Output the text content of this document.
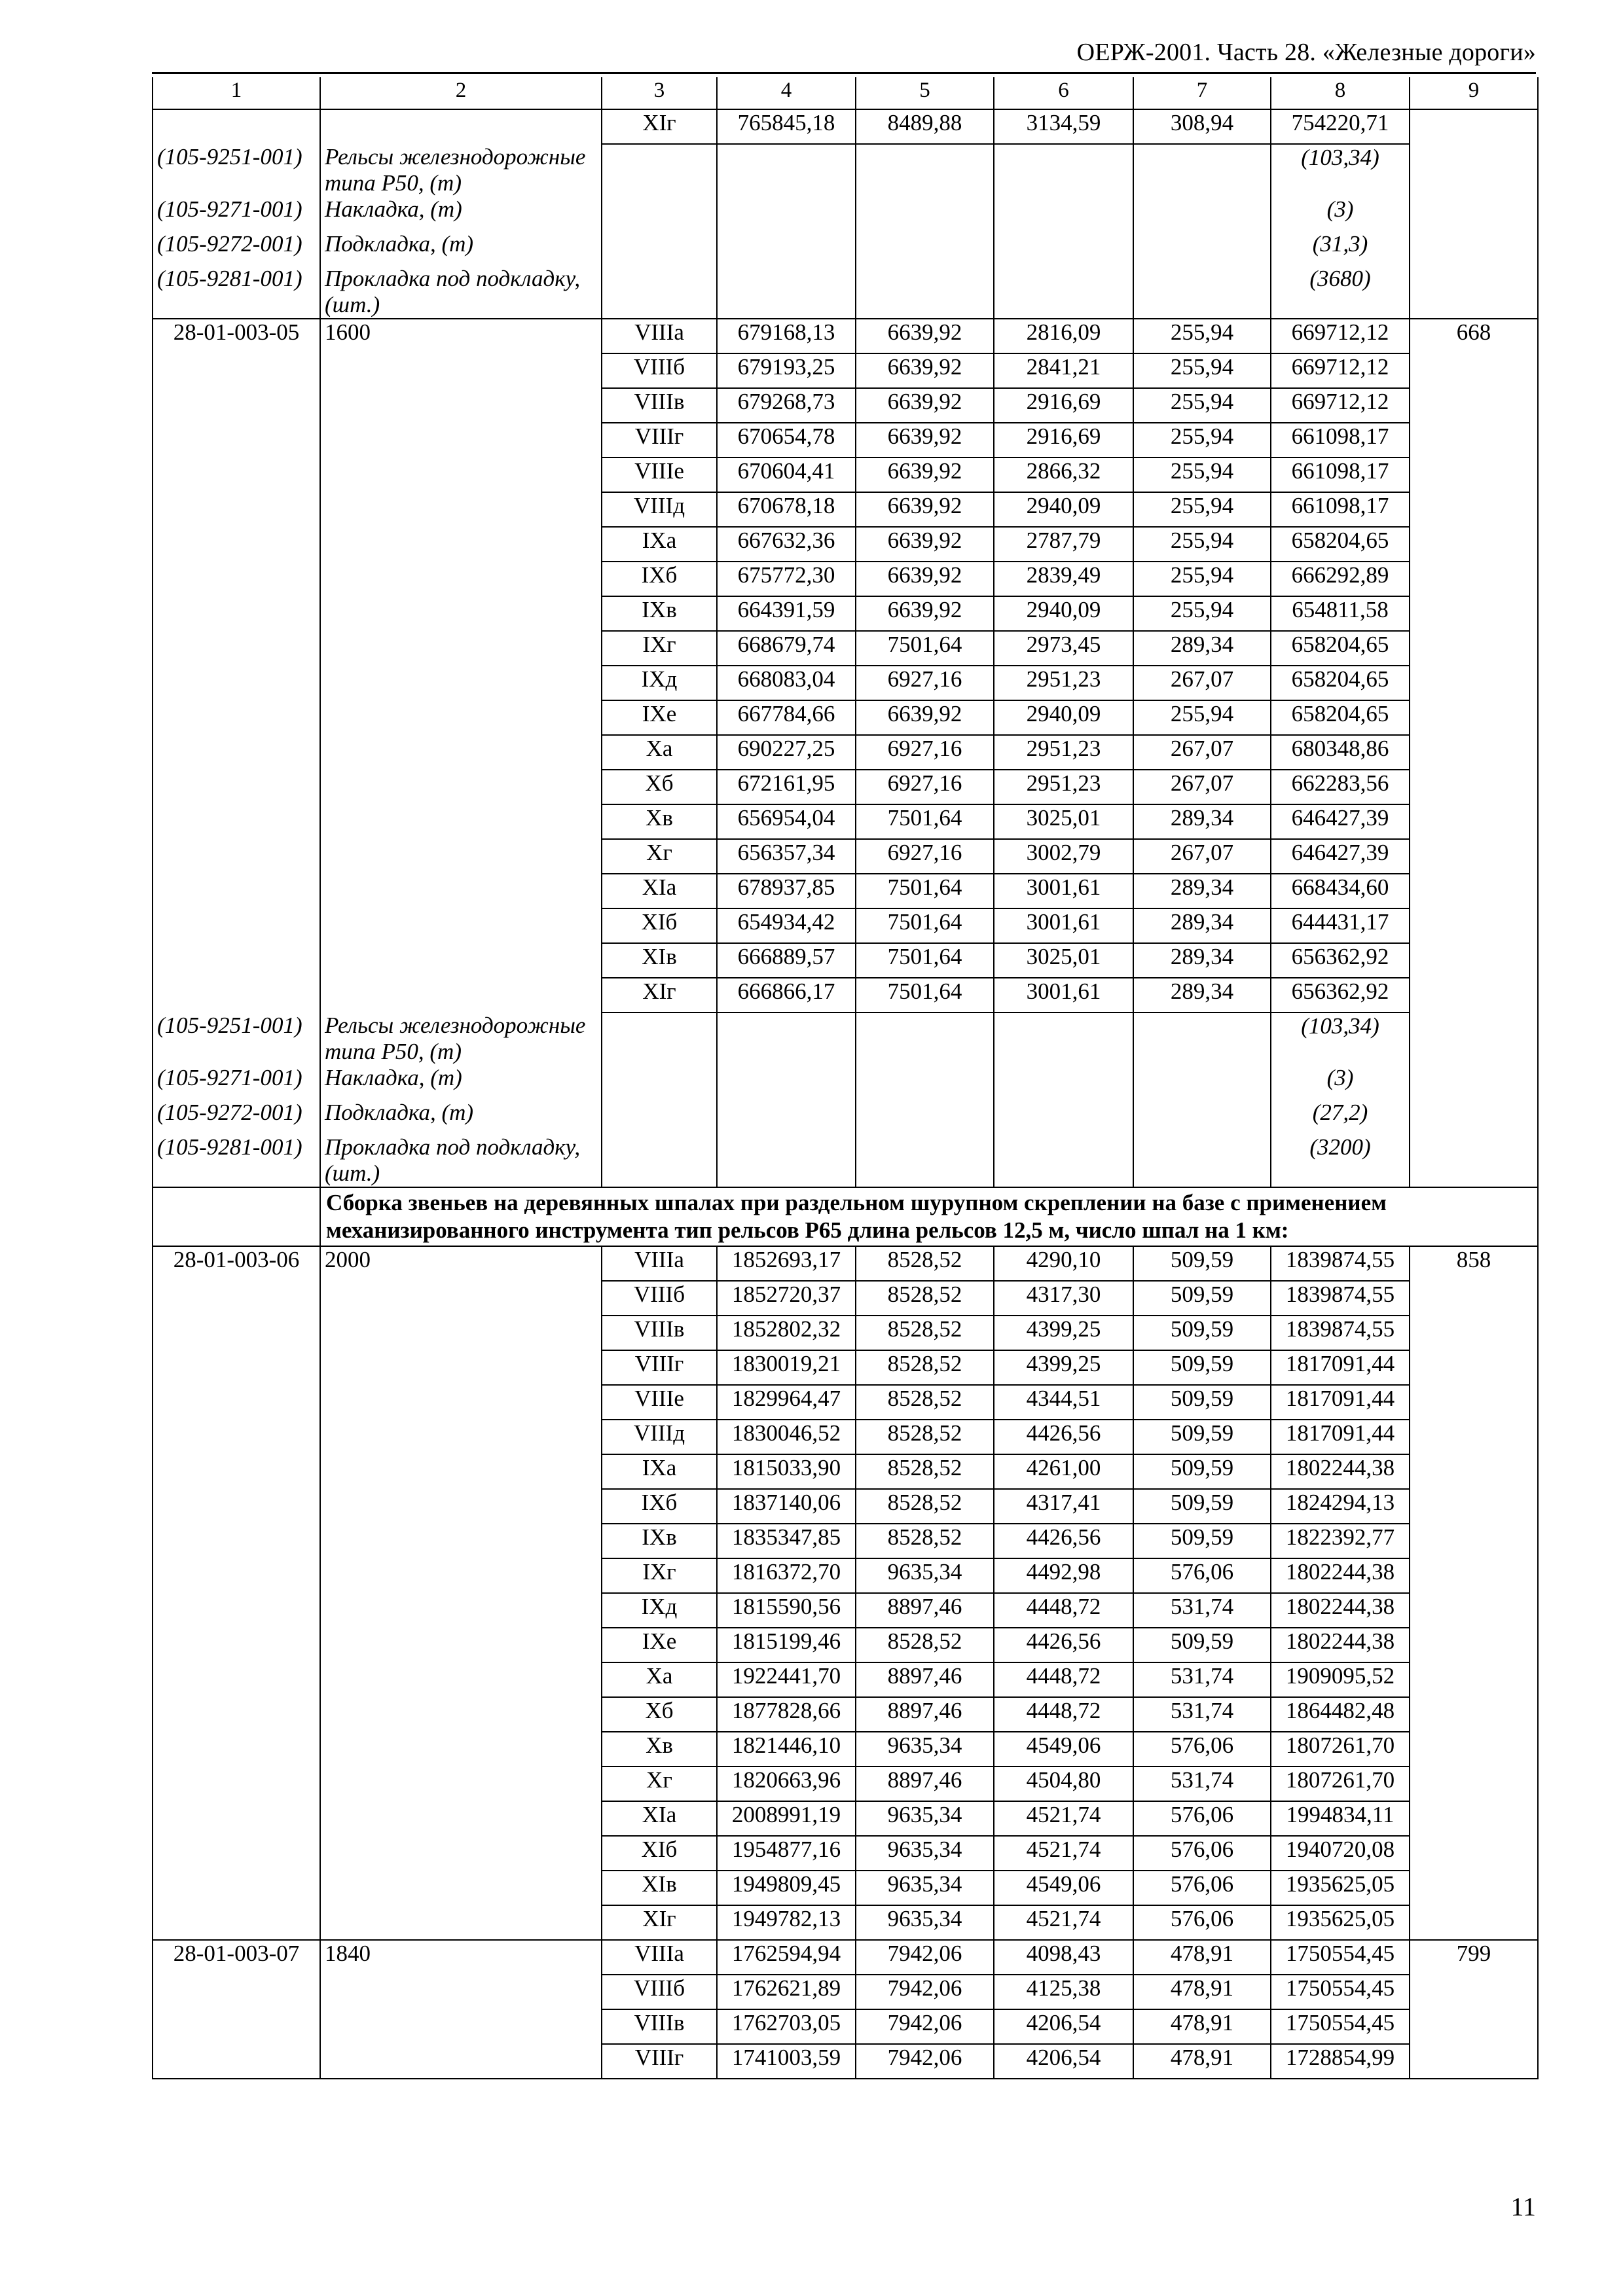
ОЕРЖ-2001. Часть 28. «Железные дороги»
1	2	3	4	5	6	7	8	9
		XIг	765845,18	8489,88	3134,59	308,94	754220,71	
(105-9251-001)	Рельсы железнодорожные типа Р50, (т)						(103,34)	
(105-9271-001)	Накладка, (т)						(3)	
(105-9272-001)	Подкладка, (т)						(31,3)	
(105-9281-001)	Прокладка под подкладку, (шт.)						(3680)	
28-01-003-05	1600	VIIIа	679168,13	6639,92	2816,09	255,94	669712,12	668
		VIIIб	679193,25	6639,92	2841,21	255,94	669712,12	
		VIIIв	679268,73	6639,92	2916,69	255,94	669712,12	
		VIIIг	670654,78	6639,92	2916,69	255,94	661098,17	
		VIIIе	670604,41	6639,92	2866,32	255,94	661098,17	
		VIIIд	670678,18	6639,92	2940,09	255,94	661098,17	
		IXа	667632,36	6639,92	2787,79	255,94	658204,65	
		IXб	675772,30	6639,92	2839,49	255,94	666292,89	
		IXв	664391,59	6639,92	2940,09	255,94	654811,58	
		IXг	668679,74	7501,64	2973,45	289,34	658204,65	
		IXд	668083,04	6927,16	2951,23	267,07	658204,65	
		IXе	667784,66	6639,92	2940,09	255,94	658204,65	
		Xа	690227,25	6927,16	2951,23	267,07	680348,86	
		Xб	672161,95	6927,16	2951,23	267,07	662283,56	
		Xв	656954,04	7501,64	3025,01	289,34	646427,39	
		Xг	656357,34	6927,16	3002,79	267,07	646427,39	
		XIа	678937,85	7501,64	3001,61	289,34	668434,60	
		XIб	654934,42	7501,64	3001,61	289,34	644431,17	
		XIв	666889,57	7501,64	3025,01	289,34	656362,92	
		XIг	666866,17	7501,64	3001,61	289,34	656362,92	
(105-9251-001)	Рельсы железнодорожные типа Р50, (т)						(103,34)	
(105-9271-001)	Накладка, (т)						(3)	
(105-9272-001)	Подкладка, (т)						(27,2)	
(105-9281-001)	Прокладка под подкладку, (шт.)						(3200)	
	Сборка звеньев на деревянных шпалах при раздельном шурупном скреплении на базе с применением механизированного инструмента тип рельсов Р65 длина рельсов 12,5 м, число шпал на 1 км:							
28-01-003-06	2000	VIIIа	1852693,17	8528,52	4290,10	509,59	1839874,55	858
		VIIIб	1852720,37	8528,52	4317,30	509,59	1839874,55	
		VIIIв	1852802,32	8528,52	4399,25	509,59	1839874,55	
		VIIIг	1830019,21	8528,52	4399,25	509,59	1817091,44	
		VIIIе	1829964,47	8528,52	4344,51	509,59	1817091,44	
		VIIIд	1830046,52	8528,52	4426,56	509,59	1817091,44	
		IXа	1815033,90	8528,52	4261,00	509,59	1802244,38	
		IXб	1837140,06	8528,52	4317,41	509,59	1824294,13	
		IXв	1835347,85	8528,52	4426,56	509,59	1822392,77	
		IXг	1816372,70	9635,34	4492,98	576,06	1802244,38	
		IXд	1815590,56	8897,46	4448,72	531,74	1802244,38	
		IXе	1815199,46	8528,52	4426,56	509,59	1802244,38	
		Xа	1922441,70	8897,46	4448,72	531,74	1909095,52	
		Xб	1877828,66	8897,46	4448,72	531,74	1864482,48	
		Xв	1821446,10	9635,34	4549,06	576,06	1807261,70	
		Xг	1820663,96	8897,46	4504,80	531,74	1807261,70	
		XIа	2008991,19	9635,34	4521,74	576,06	1994834,11	
		XIб	1954877,16	9635,34	4521,74	576,06	1940720,08	
		XIв	1949809,45	9635,34	4549,06	576,06	1935625,05	
		XIг	1949782,13	9635,34	4521,74	576,06	1935625,05	
28-01-003-07	1840	VIIIа	1762594,94	7942,06	4098,43	478,91	1750554,45	799
		VIIIб	1762621,89	7942,06	4125,38	478,91	1750554,45	
		VIIIв	1762703,05	7942,06	4206,54	478,91	1750554,45	
		VIIIг	1741003,59	7942,06	4206,54	478,91	1728854,99	
11
